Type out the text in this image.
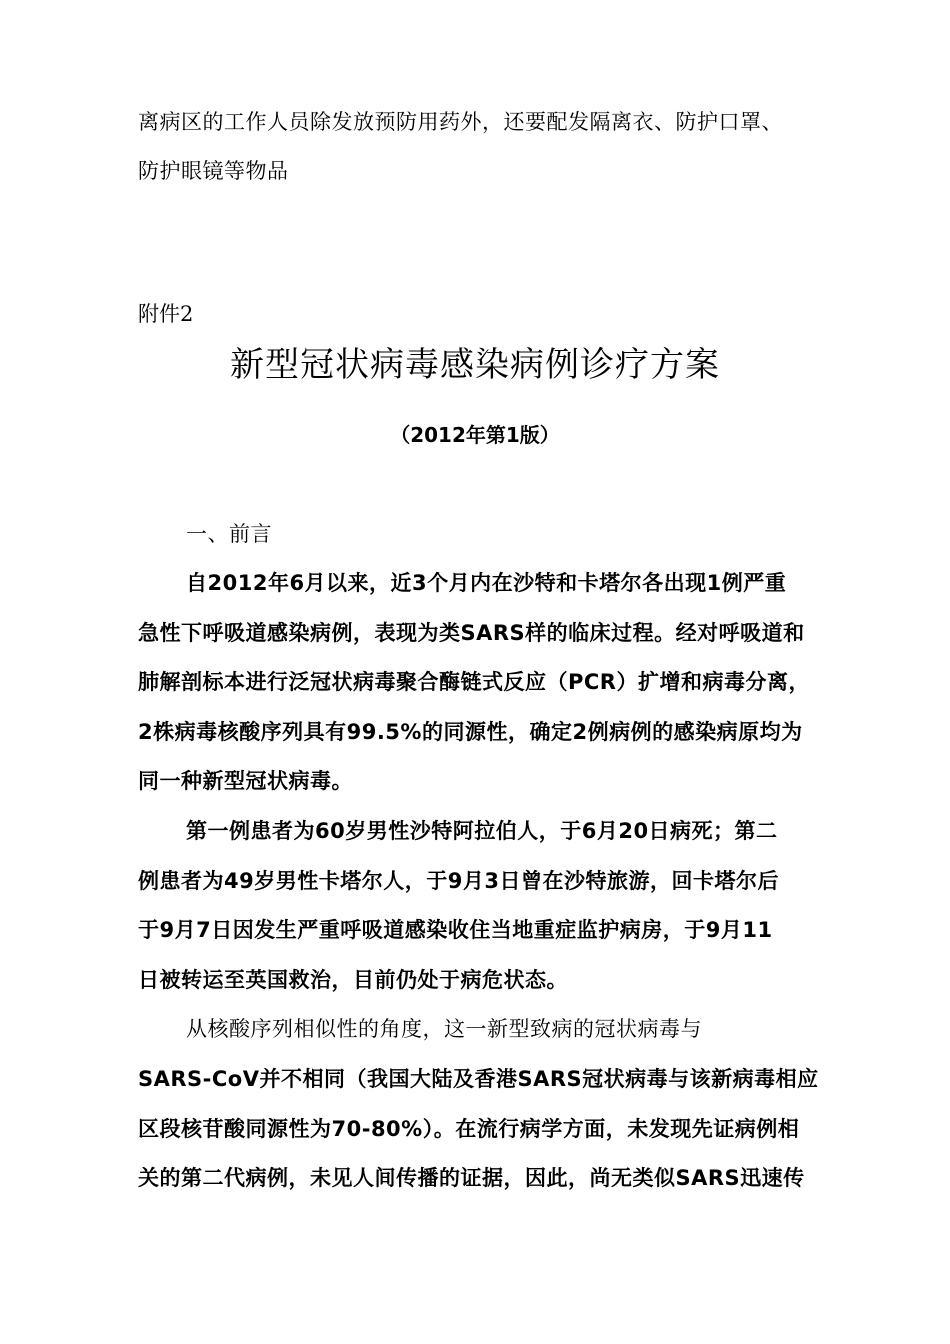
离病区的工作人员除发放预防用药外，还要配发隔离衣、防护口罩、
防护眼镜等物品
附件2
新型冠状病毒感染病例诊疗方案
（2012年第1版）
一、前言
自2012年6月以来，近3个月内在沙特和卡塔尔各出现1例严重
急性下呼吸道感染病例，表现为类SARS样的临床过程。经对呼吸道和
肺解剖标本进行泛冠状病毒聚合酶链式反应（PCR）扩增和病毒分离，
2株病毒核酸序列具有99.5%的同源性，确定2例病例的感染病原均为
同一种新型冠状病毒。
第一例患者为60岁男性沙特阿拉伯人，于6月20日病死；第二
例患者为49岁男性卡塔尔人，于9月3日曾在沙特旅游，回卡塔尔后
于9月7日因发生严重呼吸道感染收住当地重症监护病房，于9月11
日被转运至英国救治，目前仍处于病危状态。
从核酸序列相似性的角度，这一新型致病的冠状病毒与
SARS-CoV并不相同（我国大陆及香港SARS冠状病毒与该新病毒相应
区段核苷酸同源性为70-80%）。在流行病学方面，未发现先证病例相
关的第二代病例，未见人间传播的证据，因此，尚无类似SARS迅速传
